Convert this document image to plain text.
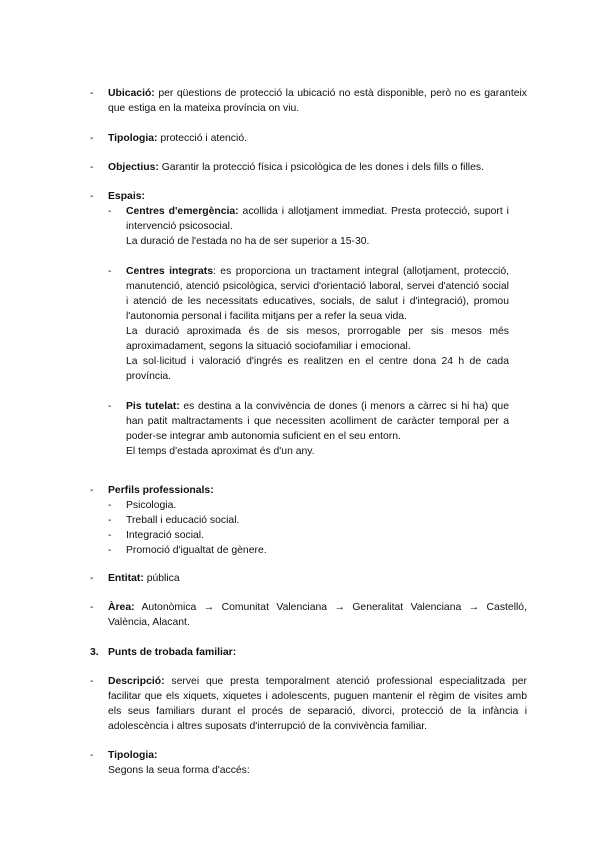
- Ubicació: per qüestions de protecció la ubicació no està disponible, però no es garanteix que estiga en la mateixa província on viu.

- Tipologia: protecció i atenció.

- Objectius: Garantir la protecció física i psicològica de les dones i dels fills o filles.

- Espais:

- Centres d'emergència: acollida i allotjament immediat. Presta protecció, suport i intervenció psicosocial.

La duració de l'estada no ha de ser superior a 15-30.

- Centres integrats: es proporciona un tractament integral (allotjament, protecció, manutenció, atenció psicològica, servici d'orientació laboral, servei d'atenció social i atenció de les necessitats educatives, socials, de salut i d'integració), promou l'autonomia personal i facilita mitjans per a refer la seua vida.

La duració aproximada és de sis mesos, prorrogable per sis mesos més aproximadament, segons la situació sociofamiliar i emocional.

La sol·licitud i valoració d'ingrés es realitzen en el centre dona 24 h de cada província.

- Pis tutelat: es destina a la convivència de dones (i menors a càrrec si hi ha) que han patit maltractaments i que necessiten acolliment de caràcter temporal per a poder-se integrar amb autonomia suficient en el seu entorn.

El temps d'estada aproximat és d'un any.

- Perfils professionals:

- Psicologia.

- Treball i educació social.

- Integració social.

- Promoció d'igualtat de gènere.

- Entitat: pública

- Àrea: Autonòmica → Comunitat Valenciana → Generalitat Valenciana → Castelló, València, Alacant.

3. Punts de trobada familiar:

- Descripció: servei que presta temporalment atenció professional especialitzada per facilitar que els xiquets, xiquetes i adolescents, puguen mantenir el règim de visites amb els seus familiars durant el procés de separació, divorci, protecció de la infància i adolescència i altres suposats d'interrupció de la convivència familiar.

- Tipologia:

Segons la seua forma d'accés:
